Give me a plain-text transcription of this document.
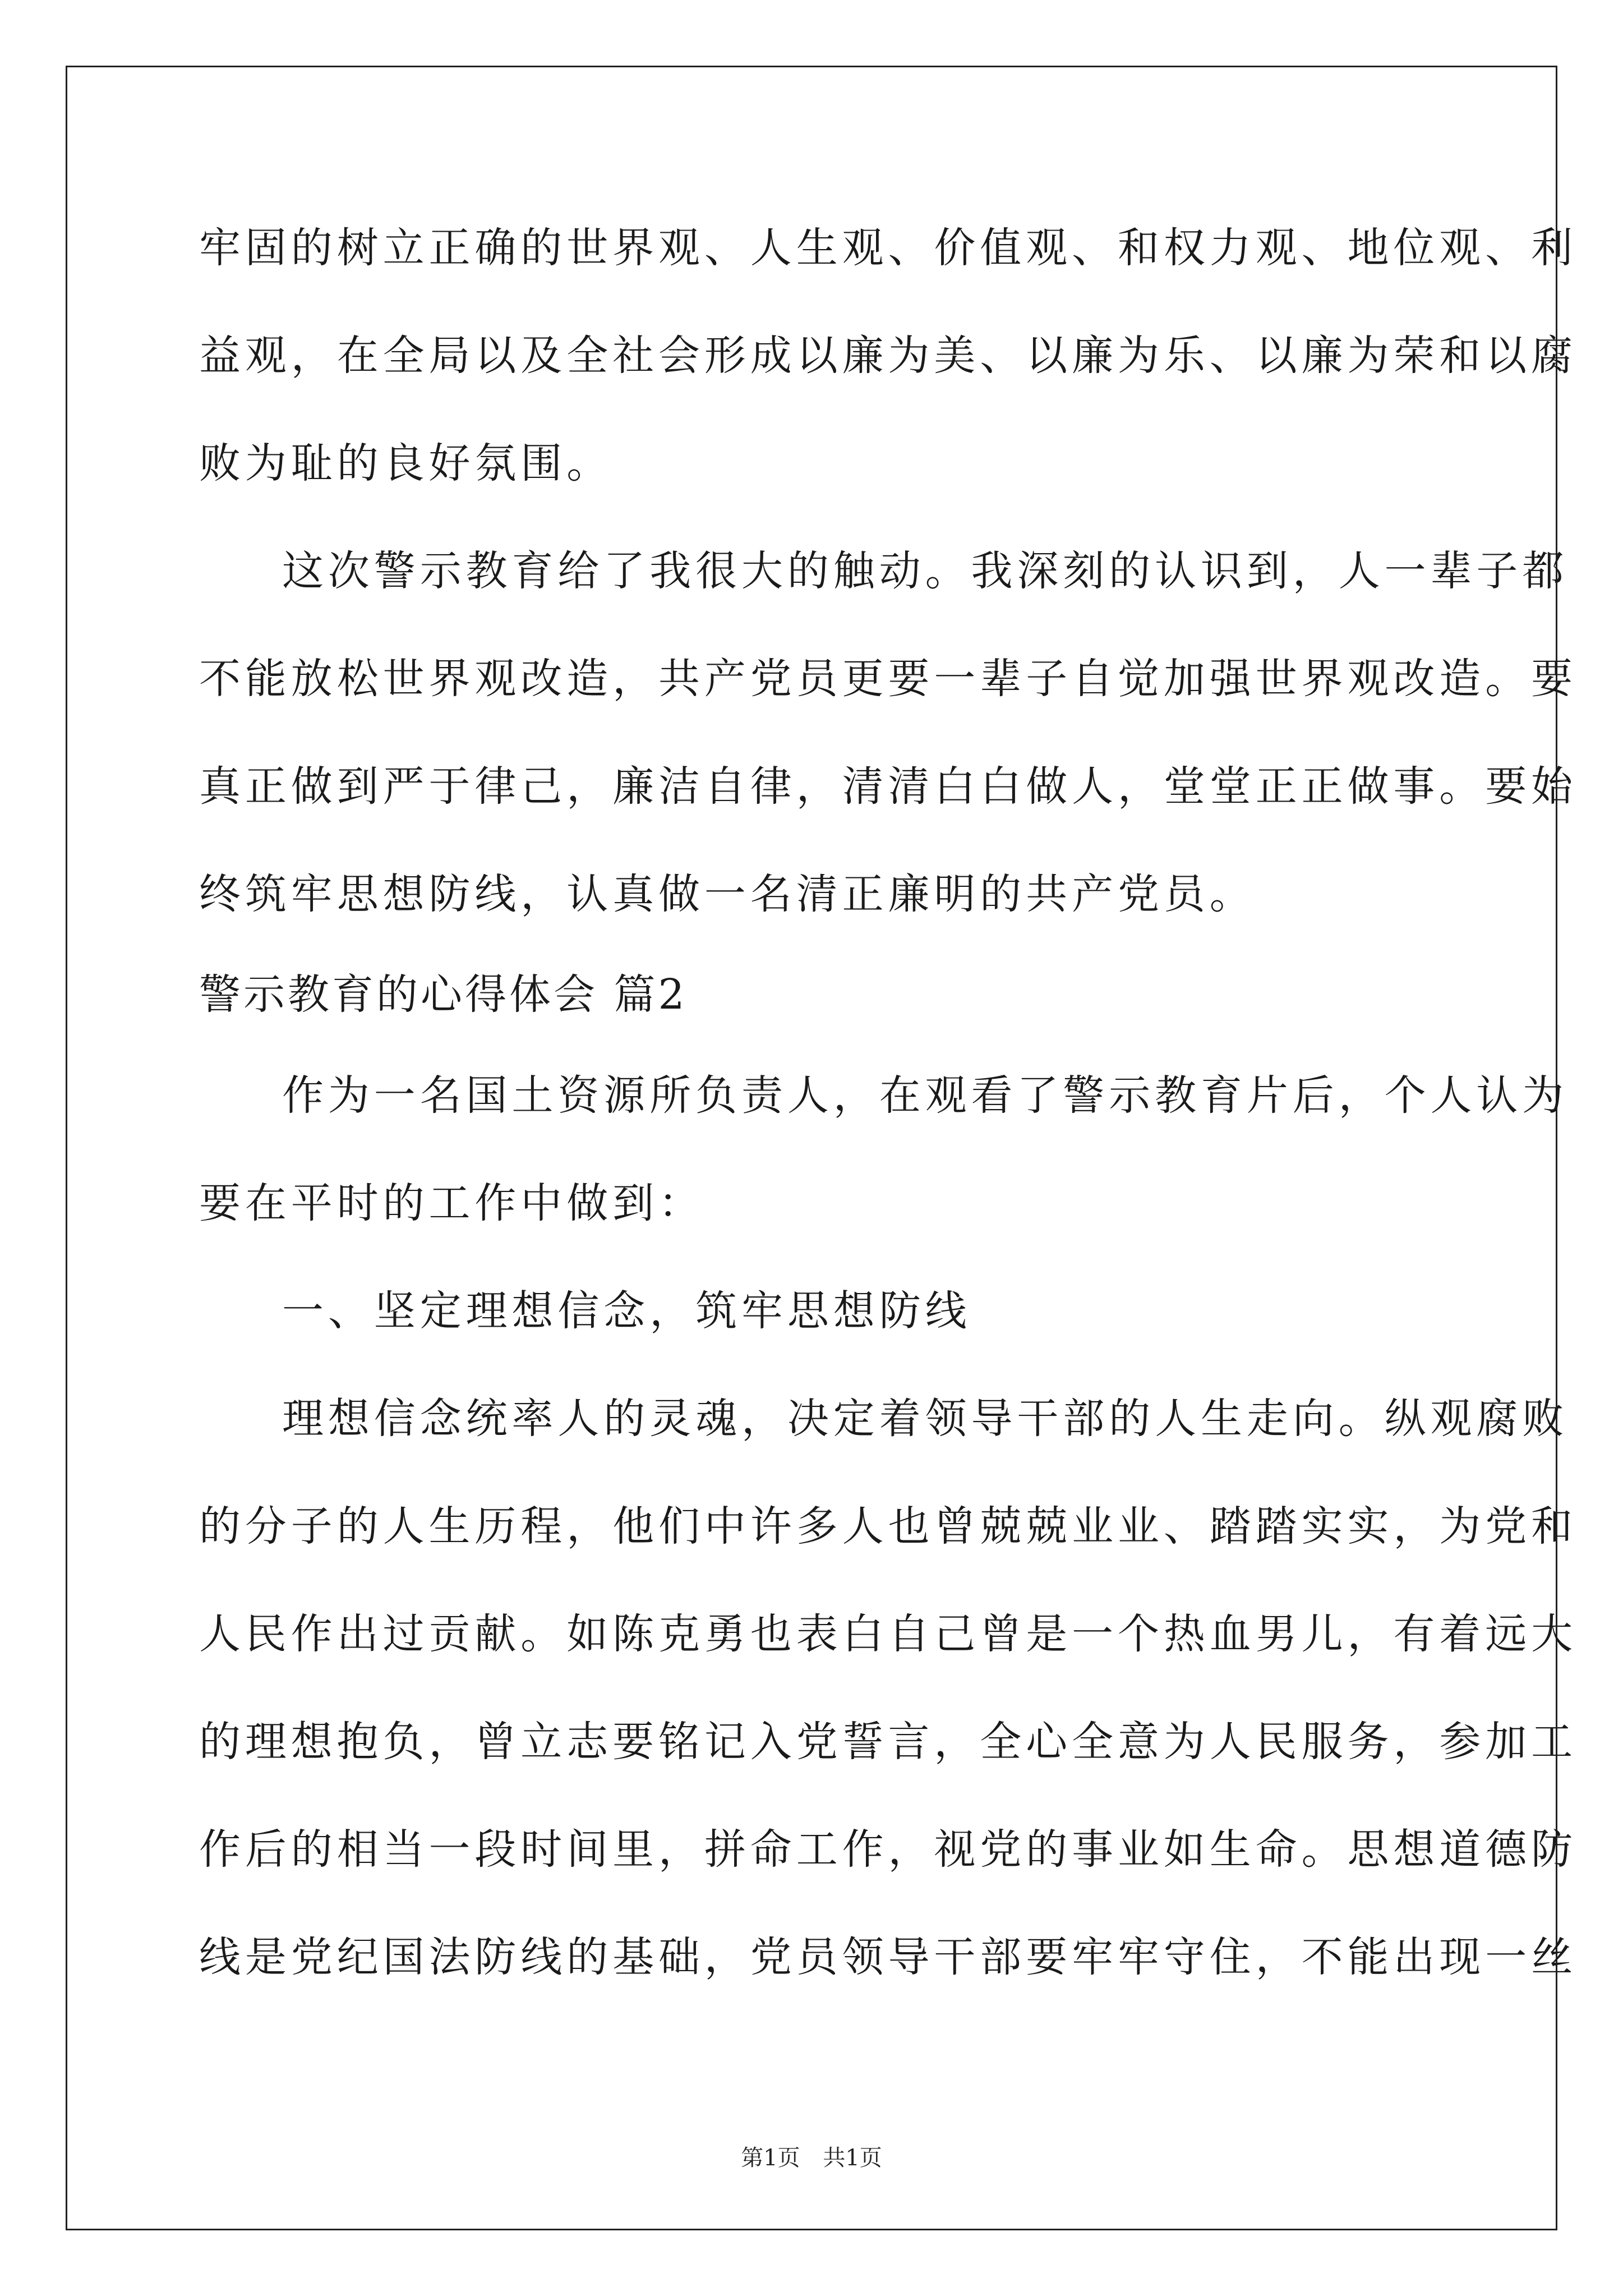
牢固的树立正确的世界观、人生观、价值观、和权力观、地位观、利
益观，在全局以及全社会形成以廉为美、以廉为乐、以廉为荣和以腐
败为耻的良好氛围。
这次警示教育给了我很大的触动。我深刻的认识到，人一辈子都
不能放松世界观改造，共产党员更要一辈子自觉加强世界观改造。要
真正做到严于律己，廉洁自律，清清白白做人，堂堂正正做事。要始
终筑牢思想防线，认真做一名清正廉明的共产党员。
警示教育的心得体会 篇2
作为一名国土资源所负责人，在观看了警示教育片后，个人认为
要在平时的工作中做到：
一、坚定理想信念，筑牢思想防线
理想信念统率人的灵魂，决定着领导干部的人生走向。纵观腐败
的分子的人生历程，他们中许多人也曾兢兢业业、踏踏实实，为党和
人民作出过贡献。如陈克勇也表白自己曾是一个热血男儿，有着远大
的理想抱负，曾立志要铭记入党誓言，全心全意为人民服务，参加工
作后的相当一段时间里，拼命工作，视党的事业如生命。思想道德防
线是党纪国法防线的基础，党员领导干部要牢牢守住，不能出现一丝
第1页 共1页
